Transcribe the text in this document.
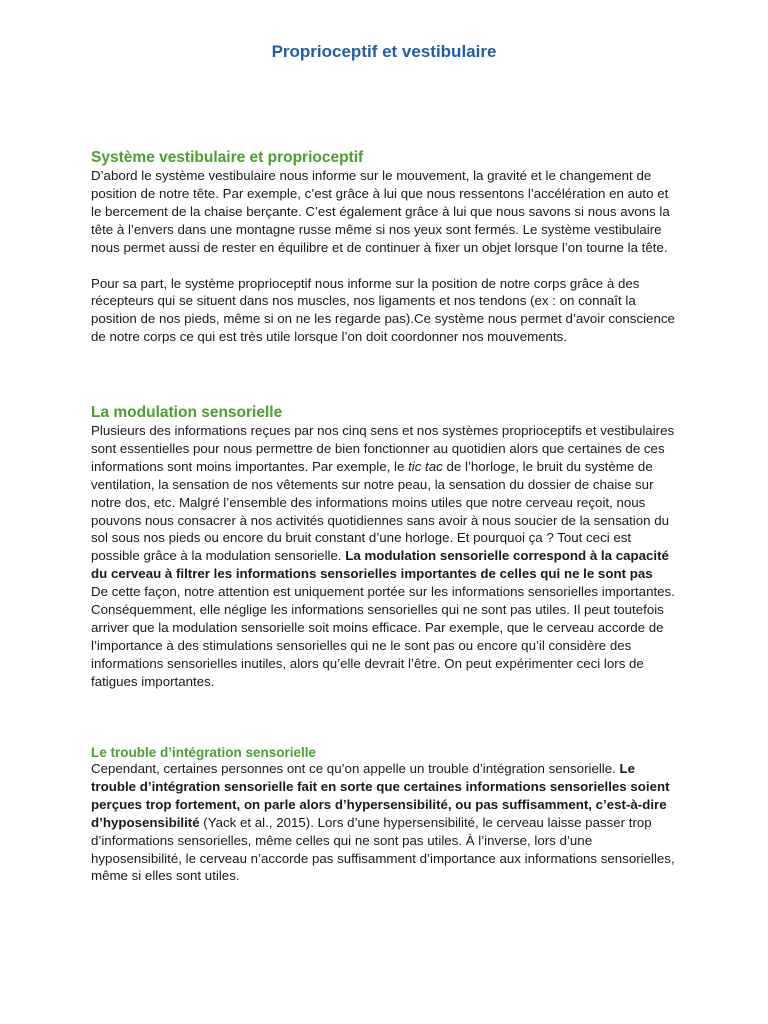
Proprioceptif et vestibulaire
Système vestibulaire et proprioceptif

D’abord le système vestibulaire nous informe sur le mouvement, la gravité et le changement de position de notre tête. Par exemple, c’est grâce à lui que nous ressentons l’accélération en auto et le bercement de la chaise berçante. C’est également grâce à lui que nous savons si nous avons la tête à l’envers dans une montagne russe même si nos yeux sont fermés. Le système vestibulaire nous permet aussi de rester en équilibre et de continuer à fixer un objet lorsque l’on tourne la tête.

Pour sa part, le système proprioceptif nous informe sur la position de notre corps grâce à des récepteurs qui se situent dans nos muscles, nos ligaments et nos tendons (ex : on connaît la position de nos pieds, même si on ne les regarde pas).Ce système nous permet d’avoir conscience de notre corps ce qui est très utile lorsque l’on doit coordonner nos mouvements.

La modulation sensorielle

Plusieurs des informations reçues par nos cinq sens et nos systèmes proprioceptifs et vestibulaires sont essentielles pour nous permettre de bien fonctionner au quotidien alors que certaines de ces informations sont moins importantes. Par exemple, le tic tac de l’horloge, le bruit du système de ventilation, la sensation de nos vêtements sur notre peau, la sensation du dossier de chaise sur notre dos, etc. Malgré l’ensemble des informations moins utiles que notre cerveau reçoit, nous pouvons nous consacrer à nos activités quotidiennes sans avoir à nous soucier de la sensation du sol sous nos pieds ou encore du bruit constant d’une horloge. Et pourquoi ça ? Tout ceci est possible grâce à la modulation sensorielle. La modulation sensorielle correspond à la capacité du cerveau à filtrer les informations sensorielles importantes de celles qui ne le sont pas

De cette façon, notre attention est uniquement portée sur les informations sensorielles importantes. Conséquemment, elle néglige les informations sensorielles qui ne sont pas utiles. Il peut toutefois arriver que la modulation sensorielle soit moins efficace. Par exemple, que le cerveau accorde de l’importance à des stimulations sensorielles qui ne le sont pas ou encore qu’il considère des informations sensorielles inutiles, alors qu’elle devrait l’être. On peut expérimenter ceci lors de fatigues importantes.

Le trouble d’intégration sensorielle

Cependant, certaines personnes ont ce qu’on appelle un trouble d’intégration sensorielle. Le trouble d’intégration sensorielle fait en sorte que certaines informations sensorielles soient perçues trop fortement, on parle alors d’hypersensibilité, ou pas suffisamment, c’est-à-dire d’hyposensibilité (Yack et al., 2015). Lors d’une hypersensibilité, le cerveau laisse passer trop d’informations sensorielles, même celles qui ne sont pas utiles. À l’inverse, lors d’une hyposensibilité, le cerveau n’accorde pas suffisamment d’importance aux informations sensorielles, même si elles sont utiles.
